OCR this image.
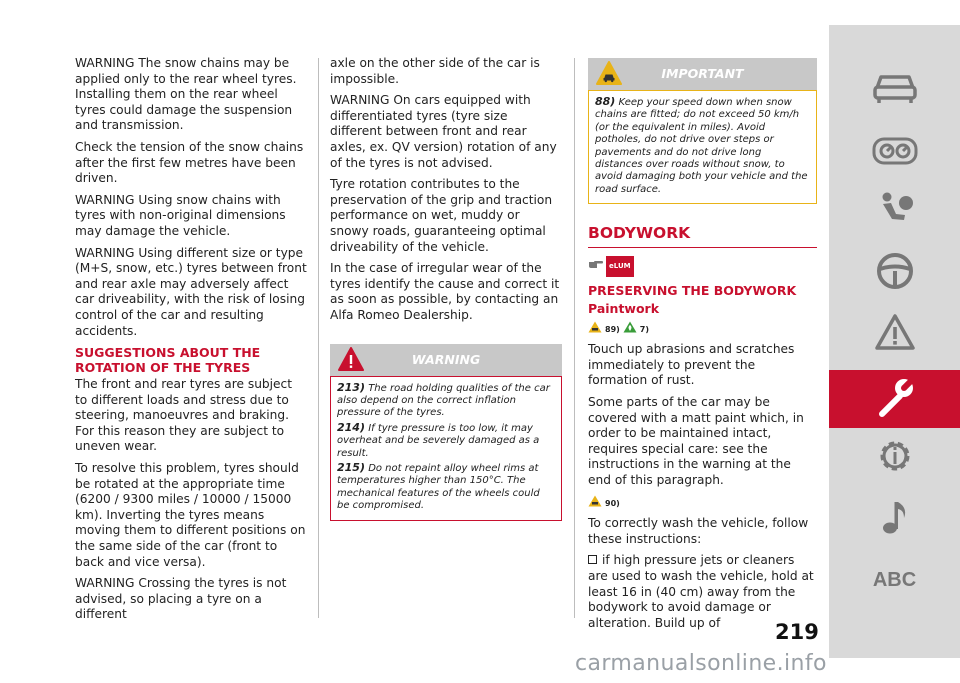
WARNING The snow chains may be applied only to the rear wheel tyres. Installing them on the rear wheel tyres could damage the suspension and transmission.

Check the tension of the snow chains after the first few metres have been driven.

WARNING Using snow chains with tyres with non-original dimensions may damage the vehicle.

WARNING Using different size or type (M+S, snow, etc.) tyres between front and rear axle may adversely affect car driveability, with the risk of losing control of the car and resulting accidents.

SUGGESTIONS ABOUT THE ROTATION OF THE TYRES

The front and rear tyres are subject to different loads and stress due to steering, manoeuvres and braking. For this reason they are subject to uneven wear.

To resolve this problem, tyres should be rotated at the appropriate time (6200 / 9300 miles / 10000 / 15000 km). Inverting the tyres means moving them to different positions on the same side of the car (front to back and vice versa).

WARNING Crossing the tyres is not advised, so placing a tyre on a different

axle on the other side of the car is impossible.

WARNING On cars equipped with differentiated tyres (tyre size different between front and rear axles, ex. QV version) rotation of any of the tyres is not advised.

Tyre rotation contributes to the preservation of the grip and traction performance on wet, muddy or snowy roads, guaranteeing optimal driveability of the vehicle.

In the case of irregular wear of the tyres identify the cause and correct it as soon as possible, by contacting an Alfa Romeo Dealership.

WARNING

213) The road holding qualities of the car also depend on the correct inflation pressure of the tyres.

214) If tyre pressure is too low, it may overheat and be severely damaged as a result.

215) Do not repaint alloy wheel rims at temperatures higher than 150°C. The mechanical features of the wheels could be compromised.

IMPORTANT

88) Keep your speed down when snow chains are fitted; do not exceed 50 km/h (or the equivalent in miles). Avoid potholes, do not drive over steps or pavements and do not drive long distances over roads without snow, to avoid damaging both your vehicle and the road surface.

BODYWORK
eLUM
PRESERVING THE BODYWORK
Paintwork
89)	7)

Touch up abrasions and scratches immediately to prevent the formation of rust.

Some parts of the car may be covered with a matt paint which, in order to be maintained intact, requires special care: see the instructions in the warning at the end of this paragraph.

90)

To correctly wash the vehicle, follow these instructions:

if high pressure jets or cleaners are used to wash the vehicle, hold at least 16 in (40 cm) away from the bodywork to avoid damage or alteration. Build up of	219
carmanualsonline.info
ABC
